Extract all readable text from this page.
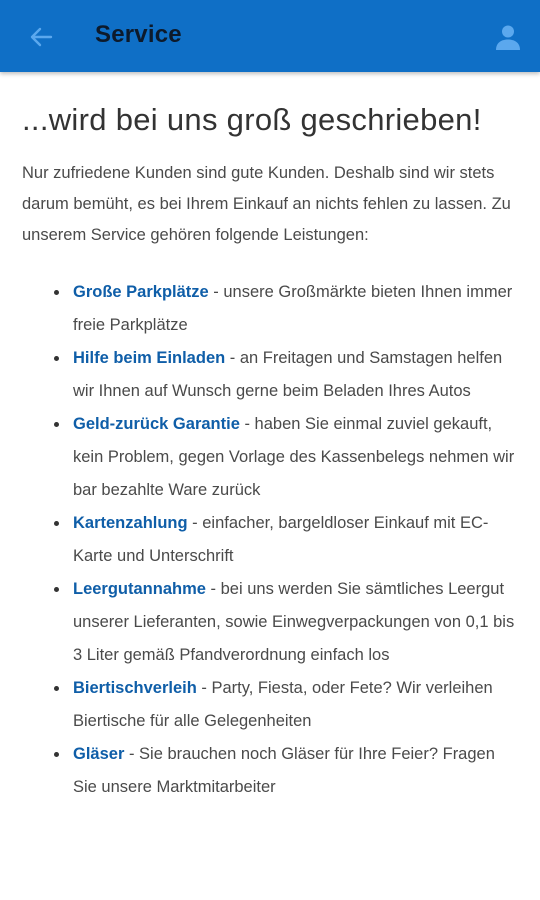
Service
...wird bei uns groß geschrieben!

Nur zufriedene Kunden sind gute Kunden. Deshalb sind wir stets darum bemüht, es bei Ihrem Einkauf an nichts fehlen zu lassen. Zu unserem Service gehören folgende Leistungen:

Große Parkplätze - unsere Großmärkte bieten Ihnen immer freie Parkplätze
Hilfe beim Einladen - an Freitagen und Samstagen helfen wir Ihnen auf Wunsch gerne beim Beladen Ihres Autos
Geld-zurück Garantie - haben Sie einmal zuviel gekauft, kein Problem, gegen Vorlage des Kassenbelegs nehmen wir bar bezahlte Ware zurück
Kartenzahlung - einfacher, bargeldloser Einkauf mit EC-Karte und Unterschrift
Leergutannahme - bei uns werden Sie sämtliches Leergut unserer Lieferanten, sowie Einwegverpackungen von 0,1 bis 3 Liter gemäß Pfandverordnung einfach los
Biertischverleih - Party, Fiesta, oder Fete? Wir verleihen Biertische für alle Gelegenheiten
Gläser - Sie brauchen noch Gläser für Ihre Feier? Fragen Sie unsere Marktmitarbeiter
